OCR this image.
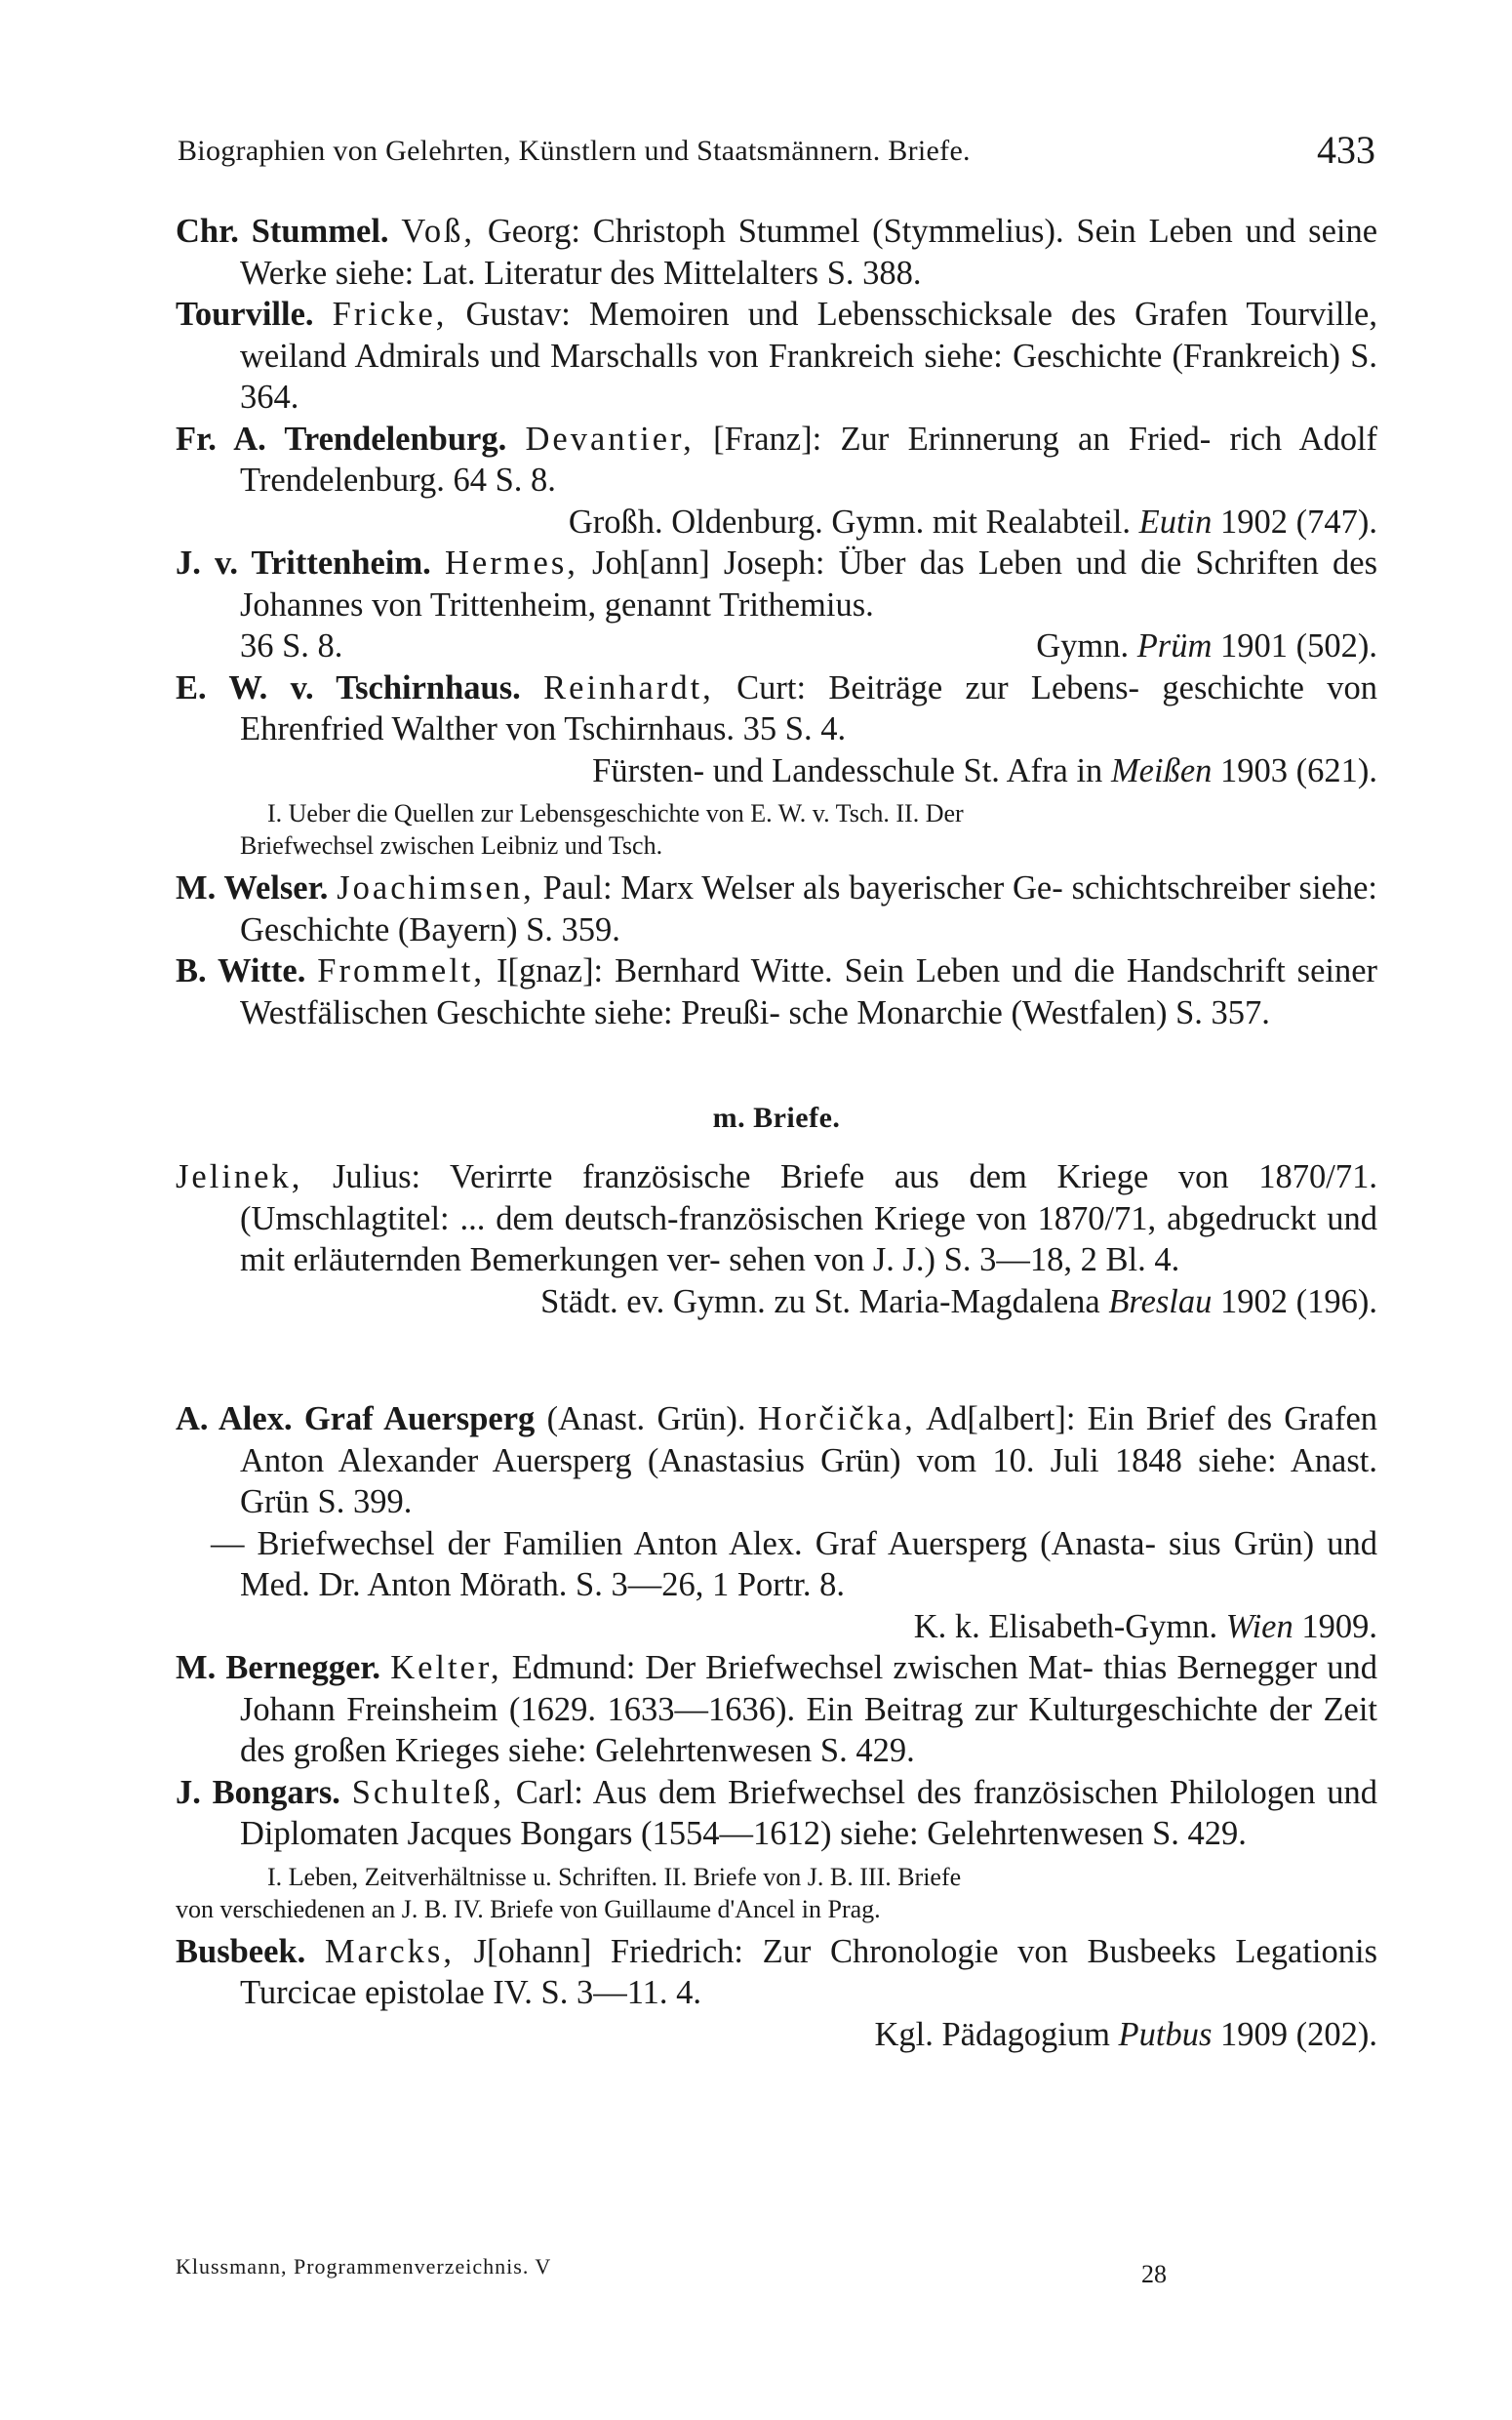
Biographien von Gelehrten, Künstlern und Staatsmännern. Briefe.	433

Chr. Stummel. Voß, Georg: Christoph Stummel (Stymmelius). Sein Leben und seine Werke siehe: Lat. Literatur des Mittelalters S. 388.

Tourville. Fricke, Gustav: Memoiren und Lebensschicksale des Grafen Tourville, weiland Admirals und Marschalls von Frankreich siehe: Geschichte (Frankreich) S. 364.

Fr. A. Trendelenburg. Devantier, [Franz]: Zur Erinnerung an Fried- rich Adolf Trendelenburg. 64 S. 8.
Großh. Oldenburg. Gymn. mit Realabteil. Eutin 1902 (747).

J. v. Trittenheim. Hermes, Joh[ann] Joseph: Über das Leben und die Schriften des Johannes von Trittenheim, genannt Trithemius.
36 S. 8.	Gymn. Prüm 1901 (502).

E. W. v. Tschirnhaus. Reinhardt, Curt: Beiträge zur Lebens- geschichte von Ehrenfried Walther von Tschirnhaus. 35 S. 4.
Fürsten- und Landesschule St. Afra in Meißen 1903 (621).

I. Ueber die Quellen zur Lebensgeschichte von E. W. v. Tsch. II. Der
Briefwechsel zwischen Leibniz und Tsch.

M. Welser. Joachimsen, Paul: Marx Welser als bayerischer Ge- schichtschreiber siehe: Geschichte (Bayern) S. 359.

B. Witte. Frommelt, I[gnaz]: Bernhard Witte. Sein Leben und die Handschrift seiner Westfälischen Geschichte siehe: Preußi- sche Monarchie (Westfalen) S. 357.

m. Briefe.

Jelinek, Julius: Verirrte französische Briefe aus dem Kriege von 1870/71. (Umschlagtitel: ... dem deutsch-französischen Kriege von 1870/71, abgedruckt und mit erläuternden Bemerkungen ver- sehen von J. J.) S. 3—18, 2 Bl. 4.
Städt. ev. Gymn. zu St. Maria-Magdalena Breslau 1902 (196).

A. Alex. Graf Auersperg (Anast. Grün). Horčička, Ad[albert]: Ein Brief des Grafen Anton Alexander Auersperg (Anastasius Grün) vom 10. Juli 1848 siehe: Anast. Grün S. 399.

— Briefwechsel der Familien Anton Alex. Graf Auersperg (Anasta- sius Grün) und Med. Dr. Anton Mörath. S. 3—26, 1 Portr. 8.
K. k. Elisabeth-Gymn. Wien 1909.

M. Bernegger. Kelter, Edmund: Der Briefwechsel zwischen Mat- thias Bernegger und Johann Freinsheim (1629. 1633—1636). Ein Beitrag zur Kulturgeschichte der Zeit des großen Krieges siehe: Gelehrtenwesen S. 429.

J. Bongars. Schulteß, Carl: Aus dem Briefwechsel des französischen Philologen und Diplomaten Jacques Bongars (1554—1612) siehe: Gelehrtenwesen S. 429.

I. Leben, Zeitverhältnisse u. Schriften. II. Briefe von J. B. III. Briefe
von verschiedenen an J. B. IV. Briefe von Guillaume d'Ancel in Prag.

Busbeek. Marcks, J[ohann] Friedrich: Zur Chronologie von Busbeeks Legationis Turcicae epistolae IV. S. 3—11. 4.
Kgl. Pädagogium Putbus 1909 (202).

Klussmann, Programmenverzeichnis. V	28
